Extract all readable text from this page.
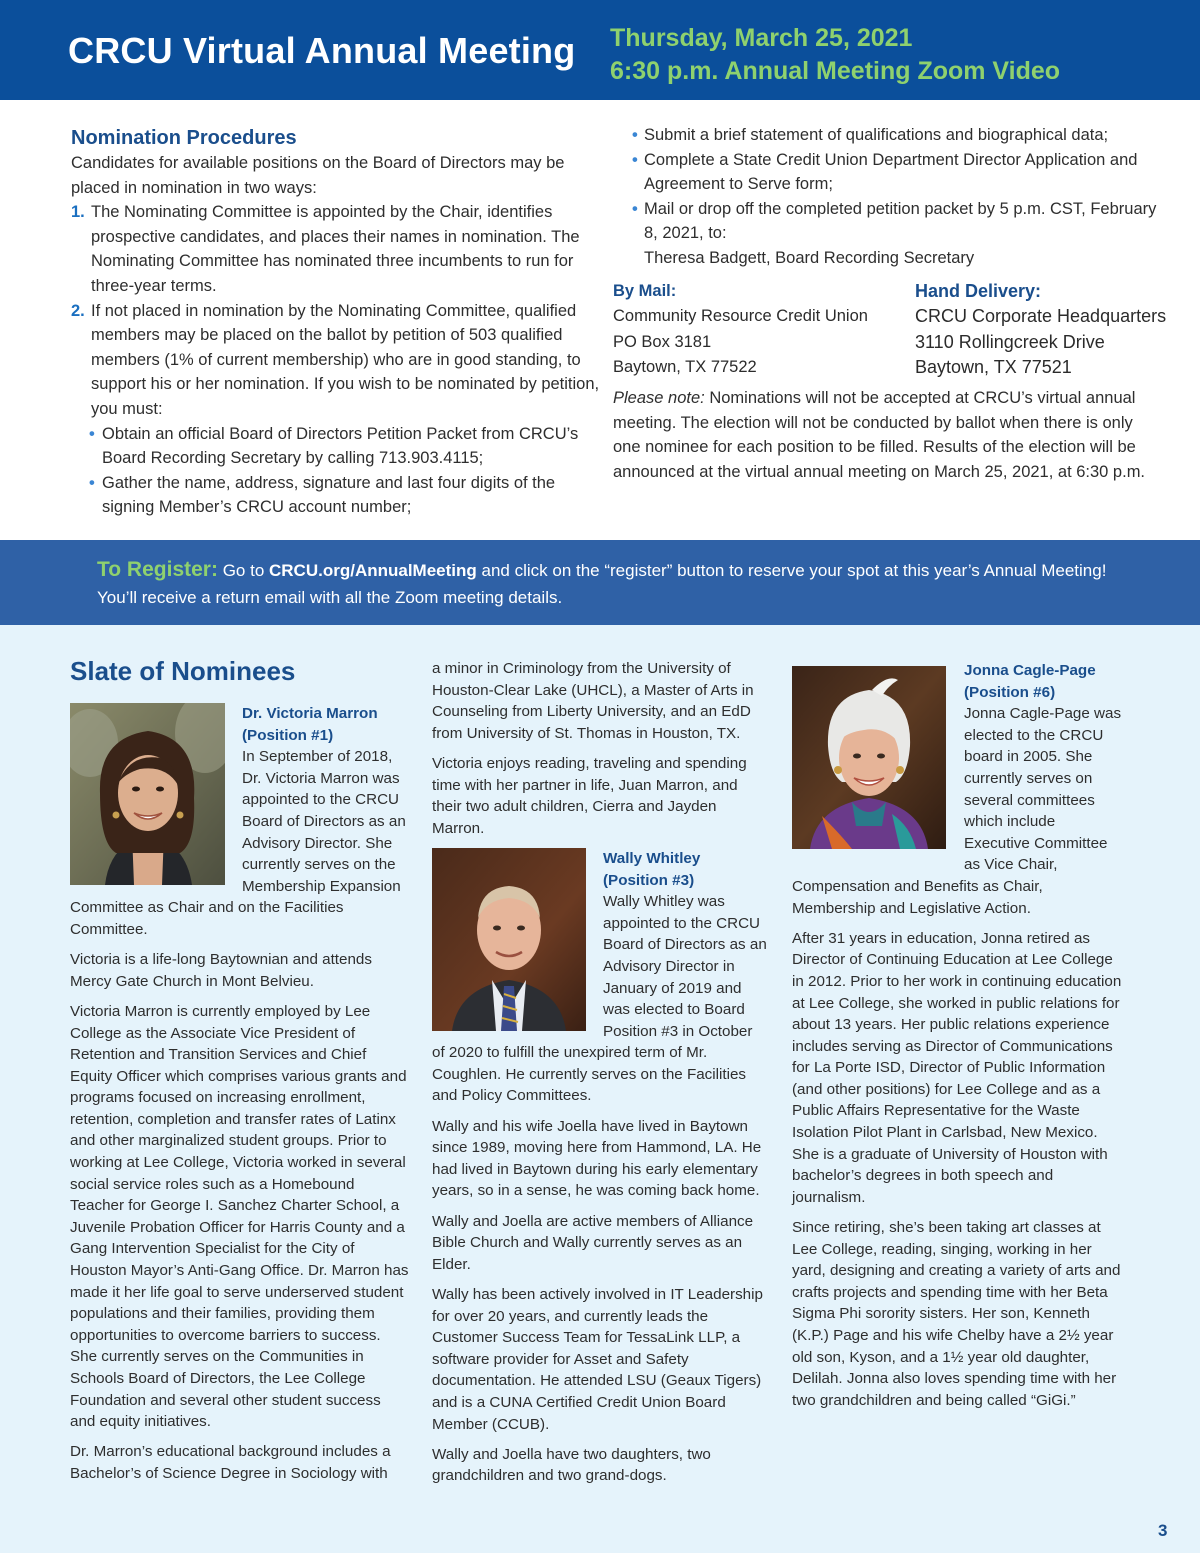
CRCU Virtual Annual Meeting Thursday, March 25, 2021
6:30 p.m. Annual Meeting Zoom Video
Nomination Procedures
Candidates for available positions on the Board of Directors may be placed in nomination in two ways:
1. The Nominating Committee is appointed by the Chair, identifies prospective candidates, and places their names in nomination. The Nominating Committee has nominated three incumbents to run for three-year terms.
2. If not placed in nomination by the Nominating Committee, qualified members may be placed on the ballot by petition of 503 qualified members (1% of current membership) who are in good standing, to support his or her nomination. If you wish to be nominated by petition, you must:
• Obtain an official Board of Directors Petition Packet from CRCU’s Board Recording Secretary by calling 713.903.4115;
• Gather the name, address, signature and last four digits of the signing Member’s CRCU account number;
• Submit a brief statement of qualifications and biographical data;
• Complete a State Credit Union Department Director Application and Agreement to Serve form;
• Mail or drop off the completed petition packet by 5 p.m. CST, February 8, 2021, to:
Theresa Badgett, Board Recording Secretary
By Mail:
Community Resource Credit Union
PO Box 3181
Baytown, TX 77522
Hand Delivery:
CRCU Corporate Headquarters
3110 Rollingcreek Drive
Baytown, TX 77521
Please note: Nominations will not be accepted at CRCU’s virtual annual meeting. The election will not be conducted by ballot when there is only one nominee for each position to be filled. Results of the election will be announced at the virtual annual meeting on March 25, 2021, at 6:30 p.m.
To Register: Go to CRCU.org/AnnualMeeting and click on the “register” button to reserve your spot at this year’s Annual Meeting! You’ll receive a return email with all the Zoom meeting details.
Slate of Nominees
Dr. Victoria Marron
(Position #1)

In September of 2018, Dr. Victoria Marron was appointed to the CRCU Board of Directors as an Advisory Director. She currently serves on the Membership Expansion Committee as Chair and on the Facilities Committee.

Victoria is a life-long Baytownian and attends Mercy Gate Church in Mont Belvieu.

Victoria Marron is currently employed by Lee College as the Associate Vice President of Retention and Transition Services and Chief Equity Officer which comprises various grants and programs focused on increasing enrollment, retention, completion and transfer rates of Latinx and other marginalized student groups. Prior to working at Lee College, Victoria worked in several social service roles such as a Homebound Teacher for George I. Sanchez Charter School, a Juvenile Probation Officer for Harris County and a Gang Intervention Specialist for the City of Houston Mayor’s Anti-Gang Office. Dr. Marron has made it her life goal to serve underserved student populations and their families, providing them opportunities to overcome barriers to success. She currently serves on the Communities in Schools Board of Directors, the Lee College Foundation and several other student success and equity initiatives.

Dr. Marron’s educational background includes a Bachelor’s of Science Degree in Sociology with

a minor in Criminology from the University of Houston-Clear Lake (UHCL), a Master of Arts in Counseling from Liberty University, and an EdD from University of St. Thomas in Houston, TX.

Victoria enjoys reading, traveling and spending time with her partner in life, Juan Marron, and their two adult children, Cierra and Jayden Marron.

Wally Whitley
(Position #3)

Wally Whitley was appointed to the CRCU Board of Directors as an Advisory Director in January of 2019 and was elected to Board Position #3 in October of 2020 to fulfill the unexpired term of Mr. Coughlen. He currently serves on the Facilities and Policy Committees.

Wally and his wife Joella have lived in Baytown since 1989, moving here from Hammond, LA. He had lived in Baytown during his early elementary years, so in a sense, he was coming back home.

Wally and Joella are active members of Alliance Bible Church and Wally currently serves as an Elder.

Wally has been actively involved in IT Leadership for over 20 years, and currently leads the Customer Success Team for TessaLink LLP, a software provider for Asset and Safety documentation. He attended LSU (Geaux Tigers) and is a CUNA Certified Credit Union Board Member (CCUB).

Wally and Joella have two daughters, two grandchildren and two grand-dogs.

Jonna Cagle-Page
(Position #6)

Jonna Cagle-Page was elected to the CRCU board in 2005. She currently serves on several committees which include Executive Committee as Vice Chair, Compensation and Benefits as Chair, Membership and Legislative Action.

After 31 years in education, Jonna retired as Director of Continuing Education at Lee College in 2012. Prior to her work in continuing education at Lee College, she worked in public relations for about 13 years. Her public relations experience includes serving as Director of Communications for La Porte ISD, Director of Public Information (and other positions) for Lee College and as a Public Affairs Representative for the Waste Isolation Pilot Plant in Carlsbad, New Mexico. She is a graduate of University of Houston with bachelor’s degrees in both speech and journalism.

Since retiring, she’s been taking art classes at Lee College, reading, singing, working in her yard, designing and creating a variety of arts and crafts projects and spending time with her Beta Sigma Phi sorority sisters. Her son, Kenneth (K.P.) Page and his wife Chelby have a 2½ year old son, Kyson, and a 1½ year old daughter, Delilah. Jonna also loves spending time with her two grandchildren and being called “GiGi.”

3
